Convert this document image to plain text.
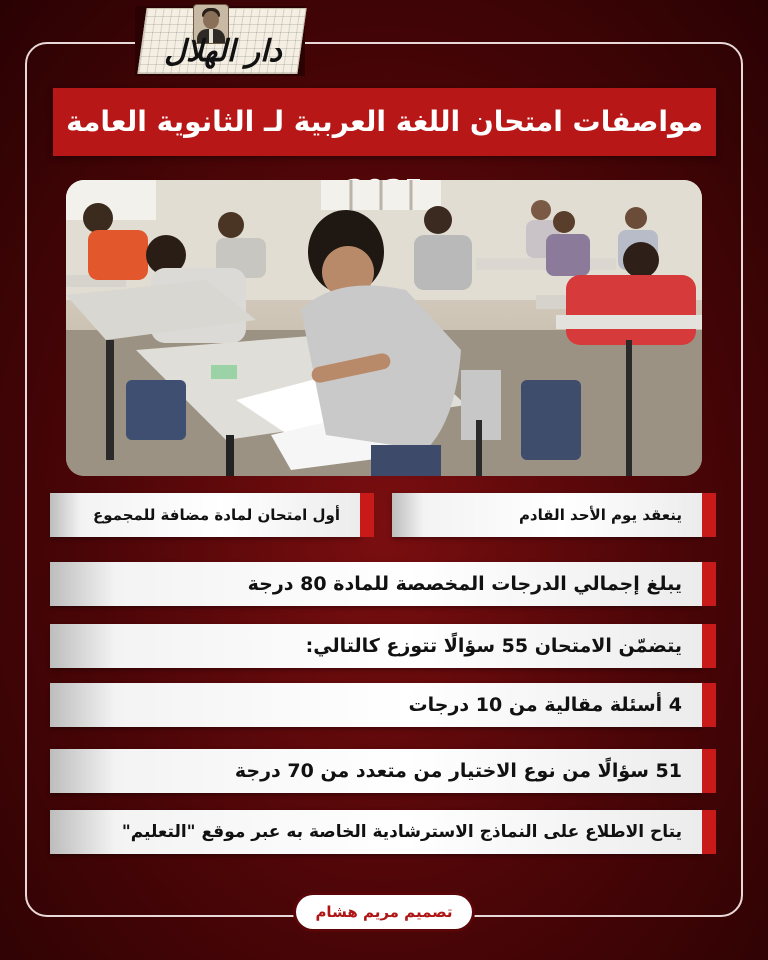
دار الهلال
مواصفات امتحان اللغة العربية لـ الثانوية العامة
ينعقد يوم الأحد القادم
أول امتحان لمادة مضافة للمجموع
يبلغ إجمالي الدرجات المخصصة للمادة 80 درجة
يتضمّن الامتحان 55 سؤالًا تتوزع كالتالي:
4 أسئلة مقالية من 10 درجات
51 سؤالًا من نوع الاختيار من متعدد من 70 درجة
يتاح الاطلاع على النماذج الاسترشادية الخاصة به عبر موقع "التعليم"
تصميم مريم هشام
